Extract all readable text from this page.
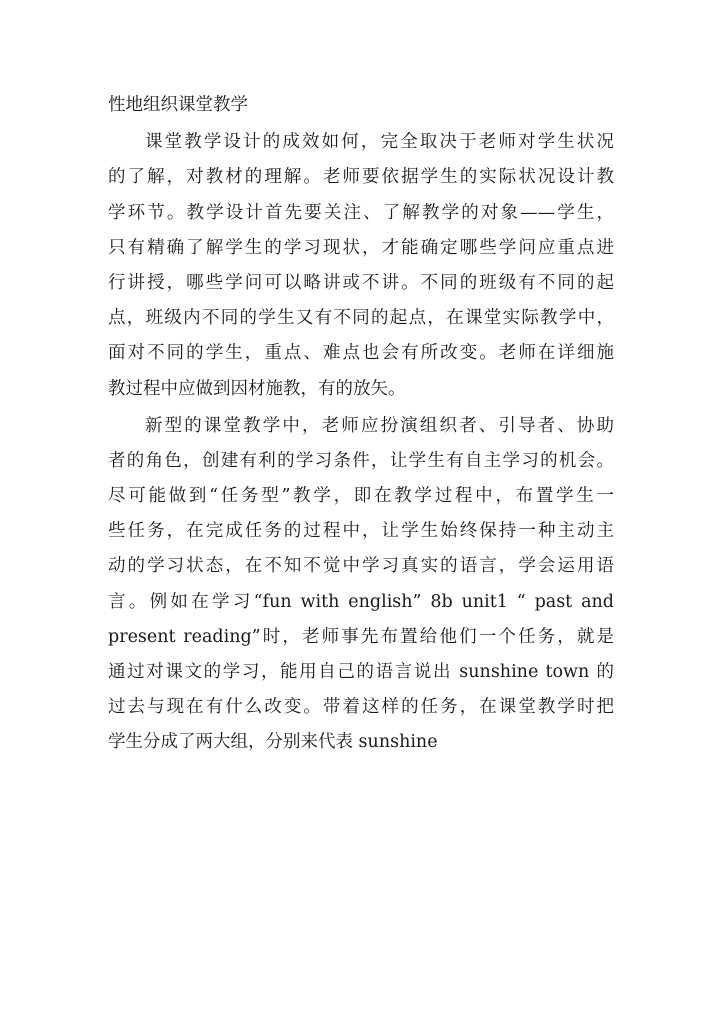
性地组织课堂教学
课堂教学设计的成效如何，完全取决于老师对学生状况
的了解，对教材的理解。老师要依据学生的实际状况设计教
学环节。教学设计首先要关注、了解教学的对象——学生，
只有精确了解学生的学习现状，才能确定哪些学问应重点进
行讲授，哪些学问可以略讲或不讲。不同的班级有不同的起
点，班级内不同的学生又有不同的起点，在课堂实际教学中，
面对不同的学生，重点、难点也会有所改变。老师在详细施
教过程中应做到因材施教，有的放矢。
新型的课堂教学中，老师应扮演组织者、引导者、协助
者的角色，创建有利的学习条件，让学生有自主学习的机会。
尽可能做到“任务型”教学，即在教学过程中，布置学生一
些任务，在完成任务的过程中，让学生始终保持一种主动主
动的学习状态，在不知不觉中学习真实的语言，学会运用语
言。例如在学习“fun with english” 8b unit1 “ past and
present reading”时，老师事先布置给他们一个任务，就是
通过对课文的学习，能用自己的语言说出 sunshine town 的
过去与现在有什么改变。带着这样的任务，在课堂教学时把
学生分成了两大组，分别来代表 sunshine
